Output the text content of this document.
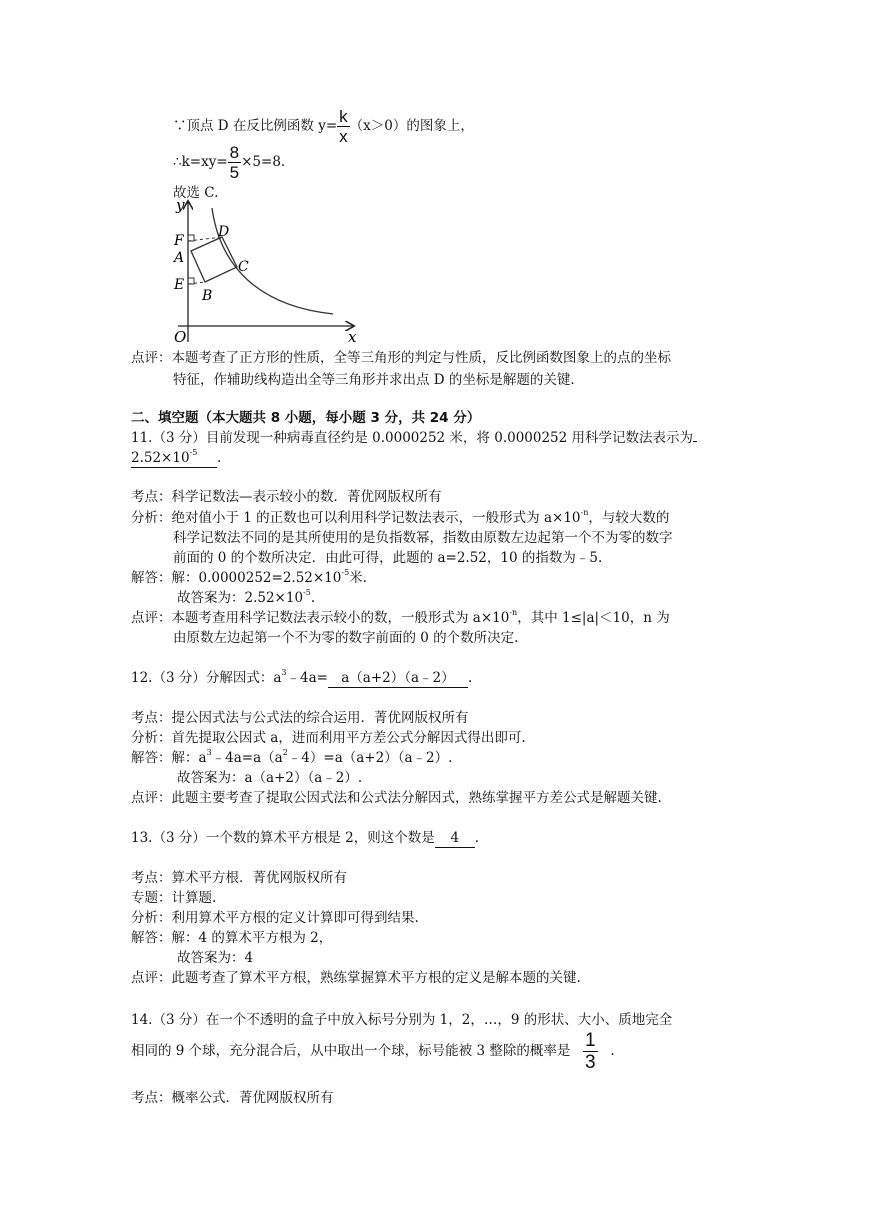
∵顶点 D 在反比例函数 $y= \frac{k}{x} (x>0)$的图象上，
∴k=xy= $\frac{8}{5} \times 5=8$.
故选 C.
y
x
O
F
A
E
B
C
D
点评：本题考查了正方形的性质，全等三角形的判定与性质，反比例函数图象上的点的坐标
特征，作辅助线构造出全等三角形并求出点 D 的坐标是解题的关键.
二、填空题（本大题共 8 小题，每小题 3 分，共 24 分）
11.（3 分）目前发现一种病毒直径约是 0.0000252 米，将 0.0000252 用科学记数法表示为
$2.52\times 10^{-5}$ .
考点：科学记数法—表示较小的数．菁优网版权所有
分析：绝对值小于 1 的正数也可以利用科学记数法表示，一般形式为 $a\times 10^{-n}$，与较大数的
科学记数法不同的是其所使用的是负指数幂，指数由原数左边起第一个不为零的数字
前面的 0 的个数所决定．由此可得，此题的 a=2.52，10 的指数为﹣5.
解答：解：$0.0000252=2.52\times 10^{-5}$米.
故答案为：$2.52\times 10^{-5}$.
点评：本题考查用科学记数法表示较小的数，一般形式为 $a\times 10^{-n}$，其中 1≤|a|＜10，n 为
由原数左边起第一个不为零的数字前面的 0 的个数所决定.
12.（3 分）分解因式：$a^3﹣4a=$ a（a+2）（a﹣2） .
考点：提公因式法与公式法的综合运用．菁优网版权所有
分析：首先提取公因式 a，进而利用平方差公式分解因式得出即可.
解答：解：$a^3﹣4a=a(a^2﹣4)=a(a+2)(a﹣2)$.
故答案为：a（a+2）（a﹣2）.
点评：此题主要考查了提取公因式法和公式法分解因式，熟练掌握平方差公式是解题关键.
13.（3 分）一个数的算术平方根是 2，则这个数是 4 .
考点：算术平方根．菁优网版权所有
专题：计算题.
分析：利用算术平方根的定义计算即可得到结果.
解答：解：4 的算术平方根为 2，
故答案为：4
点评：此题考查了算术平方根，熟练掌握算术平方根的定义是解本题的关键.
14.（3 分）在一个不透明的盒子中放入标号分别为 1，2，…，9 的形状、大小、质地完全
相同的 9 个球，充分混合后，从中取出一个球，标号能被 3 整除的概率是 $\frac{1}{3}$ .
考点：概率公式．菁优网版权所有
